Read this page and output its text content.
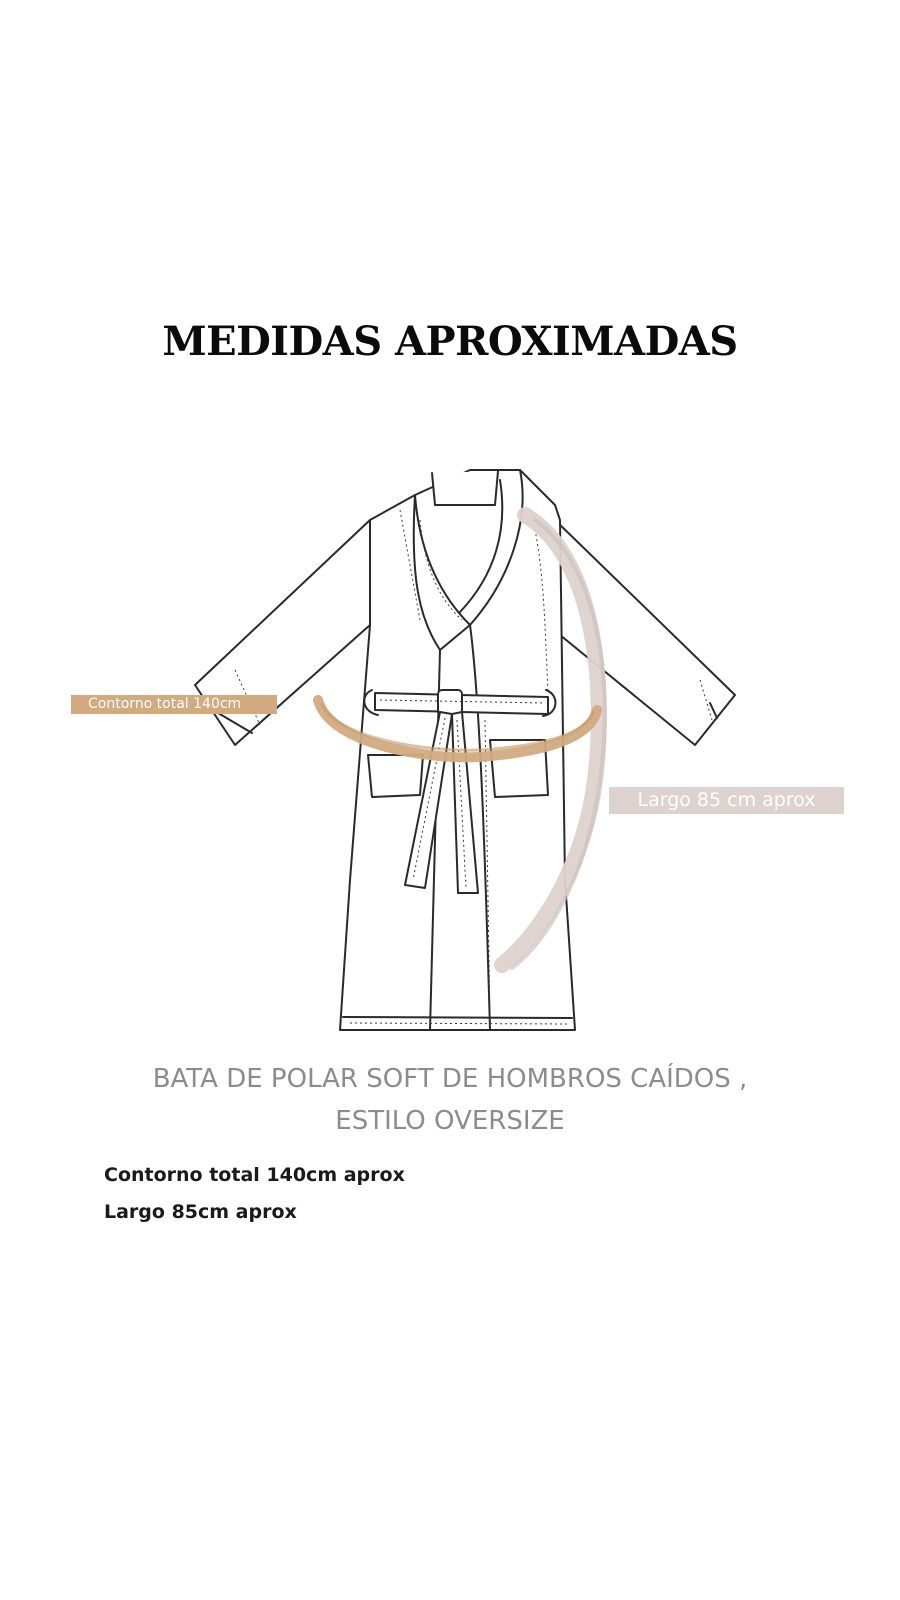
MEDIDAS APROXIMADAS
Contorno total 140cm
Largo 85 cm aprox
BATA DE POLAR SOFT DE HOMBROS CAÍDOS ,
ESTILO OVERSIZE
Contorno total 140cm aprox
Largo 85cm aprox
